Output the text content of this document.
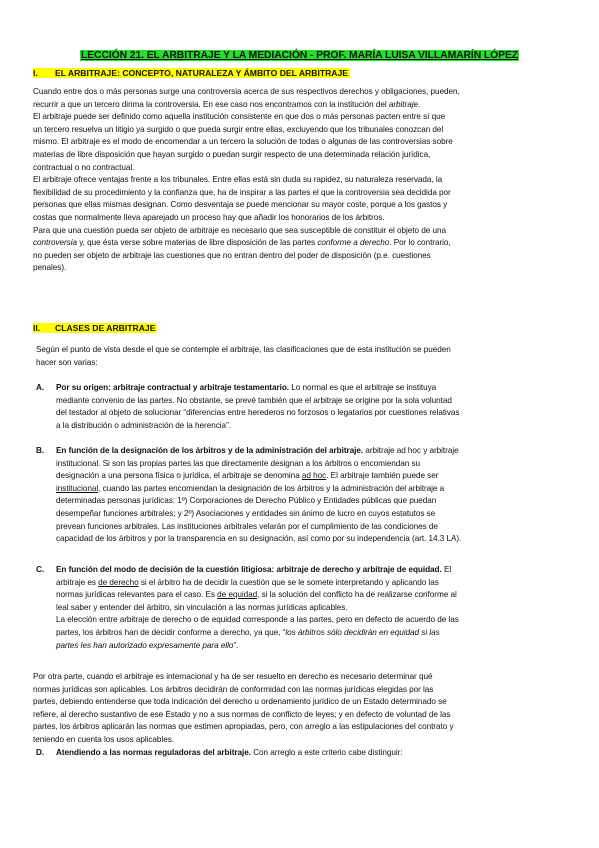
LECCIÓN 21. EL ARBITRAJE Y LA MEDIACIÓN - PROF. MARÍA LUISA VILLAMARÍN LÓPEZ
I. EL ARBITRAJE: CONCEPTO, NATURALEZA Y ÁMBITO DEL ARBITRAJE
Cuando entre dos o más personas surge una controversia acerca de sus respectivos derechos y obligaciones, pueden,
recurrir a que un tercero dirima la controversia. En ese caso nos encontramos con la institución del arbitraje.
El arbitraje puede ser definido como aquella institución consistente en que dos o más personas pacten entre sí que
un tercero resuelva un litigio ya surgido o que pueda surgir entre ellas, excluyendo que los tribunales conozcan del
mismo. El arbitraje es el modo de encomendar a un tercero la solución de todas o algunas de las controversias sobre
materias de libre disposición que hayan surgido o puedan surgir respecto de una determinada relación jurídica,
contractual o no contractual.
El arbitraje ofrece ventajas frente a los tribunales. Entre ellas está sin duda su rapidez, su naturaleza reservada, la
flexibilidad de su procedimiento y la confianza que, ha de inspirar a las partes el que la controversia sea decidida por
personas que ellas mismas designan. Como desventaja se puede mencionar su mayor coste, porque a los gastos y
costas que normalmente lleva aparejado un proceso hay que añadir los honorarios de los árbitros.
Para que una cuestión pueda ser objeto de arbitraje es necesario que sea susceptible de constituir el objeto de una
controversia y, que ésta verse sobre materias de libre disposición de las partes conforme a derecho. Por lo contrario,
no pueden ser objeto de arbitraje las cuestiones que no entran dentro del poder de disposición (p.e. cuestiones
penales).
II. CLASES DE ARBITRAJE
Según el punto de vista desde el que se contemple el arbitraje, las clasificaciones que de esta institución se pueden
hacer son varias:
A. Por su origen: arbitraje contractual y arbitraje testamentario. Lo normal es que el arbitraje se instituya
mediante convenio de las partes. No obstante, se prevé también que el arbitraje se origine por la sola voluntad
del testador al objeto de solucionar “diferencias entre herederos no forzosos o legatarios por cuestiones relativas
a la distribución o administración de la herencia”.
B. En función de la designación de los árbitros y de la administración del arbitraje. arbitraje ad hoc y arbitraje
institucional. Si son las propias partes las que directamente designan a los árbitros o encomiendan su
designación a una persona física o jurídica, el arbitraje se denomina ad hoc. El arbitraje también puede ser
institucional, cuando las partes encomiendan la designación de los árbitros y la administración del arbitraje a
determinadas personas jurídicas: 1º) Corporaciones de Derecho Público y Entidades públicas que puedan
desempeñar funciones arbitrales; y 2º) Asociaciones y entidades sin ánimo de lucro en cuyos estatutos se
prevean funciones arbitrales. Las instituciones arbitrales velarán por el cumplimiento de las condiciones de
capacidad de los árbitros y por la transparencia en su designación, así como por su independencia (art. 14.3 LA).
C. En función del modo de decisión de la cuestión litigiosa: arbitraje de derecho y arbitraje de equidad. El
arbitraje es de derecho si el árbitro ha de decidir la cuestión que se le somete interpretando y aplicando las
normas jurídicas relevantes para el caso. Es de equidad, si la solución del conflicto ha de realizarse conforme al
leal saber y entender del árbitro, sin vinculación a las normas jurídicas aplicables.
La elección entre arbitraje de derecho o de equidad corresponde a las partes, pero en defecto de acuerdo de las
partes, los árbitros han de decidir conforme a derecho, ya que, “los árbitros sólo decidirán en equidad si las
partes les han autorizado expresamente para ello”.
Por otra parte, cuando el arbitraje es internacional y ha de ser resuelto en derecho es necesario determinar qué
normas jurídicas son aplicables. Los árbitros decidirán de conformidad con las normas jurídicas elegidas por las
partes, debiendo entenderse que toda indicación del derecho u ordenamiento jurídico de un Estado determinado se
refiere, al derecho sustantivo de ese Estado y no a sus normas de conflicto de leyes; y en defecto de voluntad de las
partes, los árbitros aplicarán las normas que estimen apropiadas, pero, con arreglo a las estipulaciones del contrato y
teniendo en cuenta los usos aplicables.
D. Atendiendo a las normas reguladoras del arbitraje. Con arreglo a este criterio cabe distinguir:
